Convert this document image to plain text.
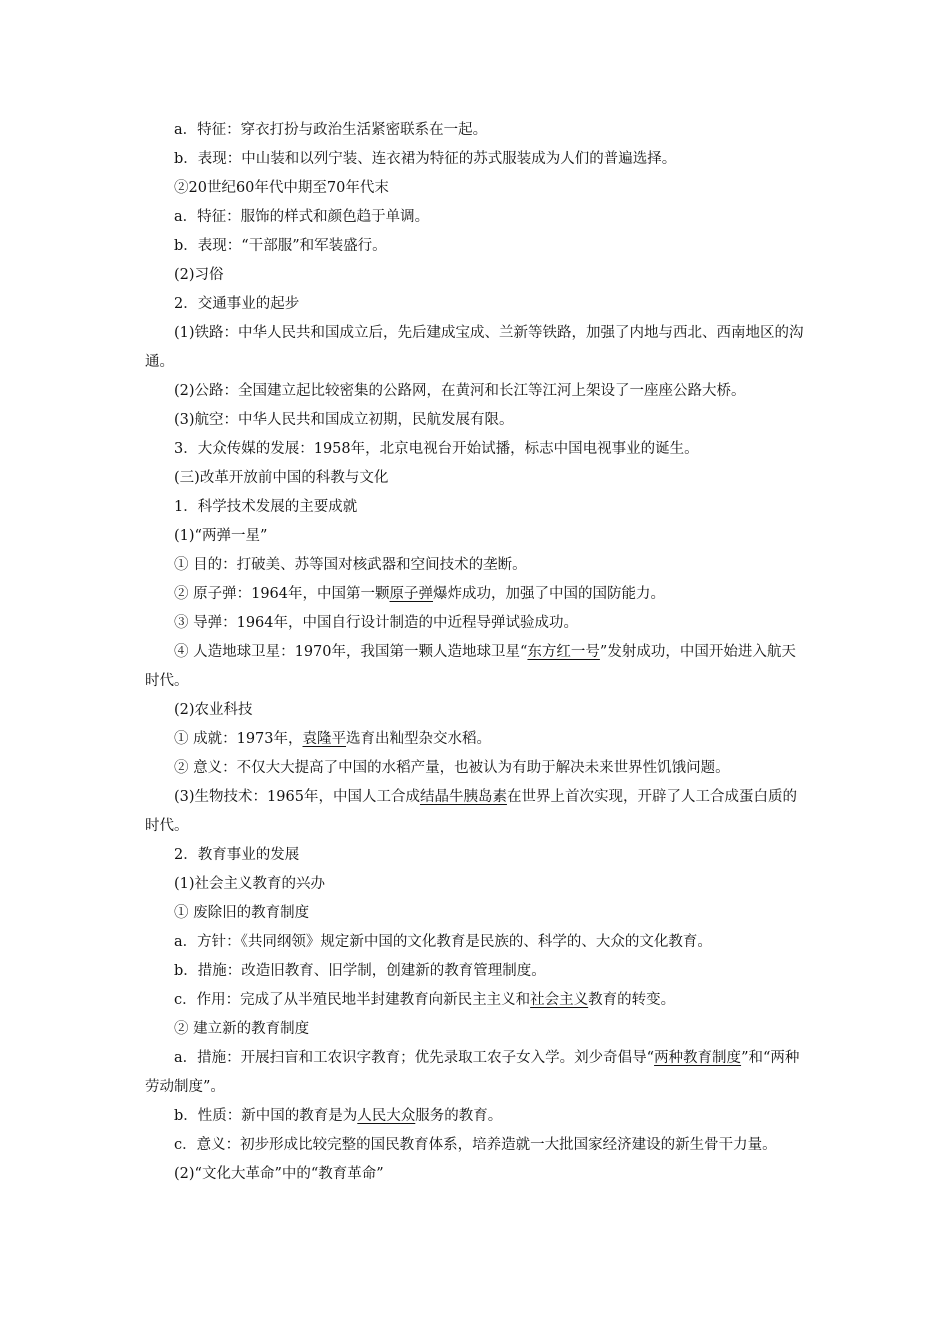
a．特征：穿衣打扮与政治生活紧密联系在一起。

b．表现：中山装和以列宁装、连衣裙为特征的苏式服装成为人们的普遍选择。

②20世纪60年代中期至70年代末

a．特征：服饰的样式和颜色趋于单调。

b．表现：“干部服”和军装盛行。

(2)习俗

2．交通事业的起步

(1)铁路：中华人民共和国成立后，先后建成宝成、兰新等铁路，加强了内地与西北、西南地区的沟通。

(2)公路：全国建立起比较密集的公路网，在黄河和长江等江河上架设了一座座公路大桥。

(3)航空：中华人民共和国成立初期，民航发展有限。

3．大众传媒的发展：1958年，北京电视台开始试播，标志中国电视事业的诞生。

(三)改革开放前中国的科教与文化

1．科学技术发展的主要成就

(1)“两弹一星”

① 目的：打破美、苏等国对核武器和空间技术的垄断。

② 原子弹：1964年，中国第一颗原子弹爆炸成功，加强了中国的国防能力。

③ 导弹：1964年，中国自行设计制造的中近程导弹试验成功。

④ 人造地球卫星：1970年，我国第一颗人造地球卫星“东方红一号”发射成功，中国开始进入航天时代。

(2)农业科技

① 成就：1973年，袁隆平选育出籼型杂交水稻。

② 意义：不仅大大提高了中国的水稻产量，也被认为有助于解决未来世界性饥饿问题。

(3)生物技术：1965年，中国人工合成结晶牛胰岛素在世界上首次实现，开辟了人工合成蛋白质的时代。

2．教育事业的发展

(1)社会主义教育的兴办

① 废除旧的教育制度

a．方针：《共同纲领》规定新中国的文化教育是民族的、科学的、大众的文化教育。

b．措施：改造旧教育、旧学制，创建新的教育管理制度。

c．作用：完成了从半殖民地半封建教育向新民主主义和社会主义教育的转变。

② 建立新的教育制度

a．措施：开展扫盲和工农识字教育；优先录取工农子女入学。刘少奇倡导“两种教育制度”和“两种劳动制度”。

b．性质：新中国的教育是为人民大众服务的教育。

c．意义：初步形成比较完整的国民教育体系，培养造就一大批国家经济建设的新生骨干力量。

(2)“文化大革命”中的“教育革命”
